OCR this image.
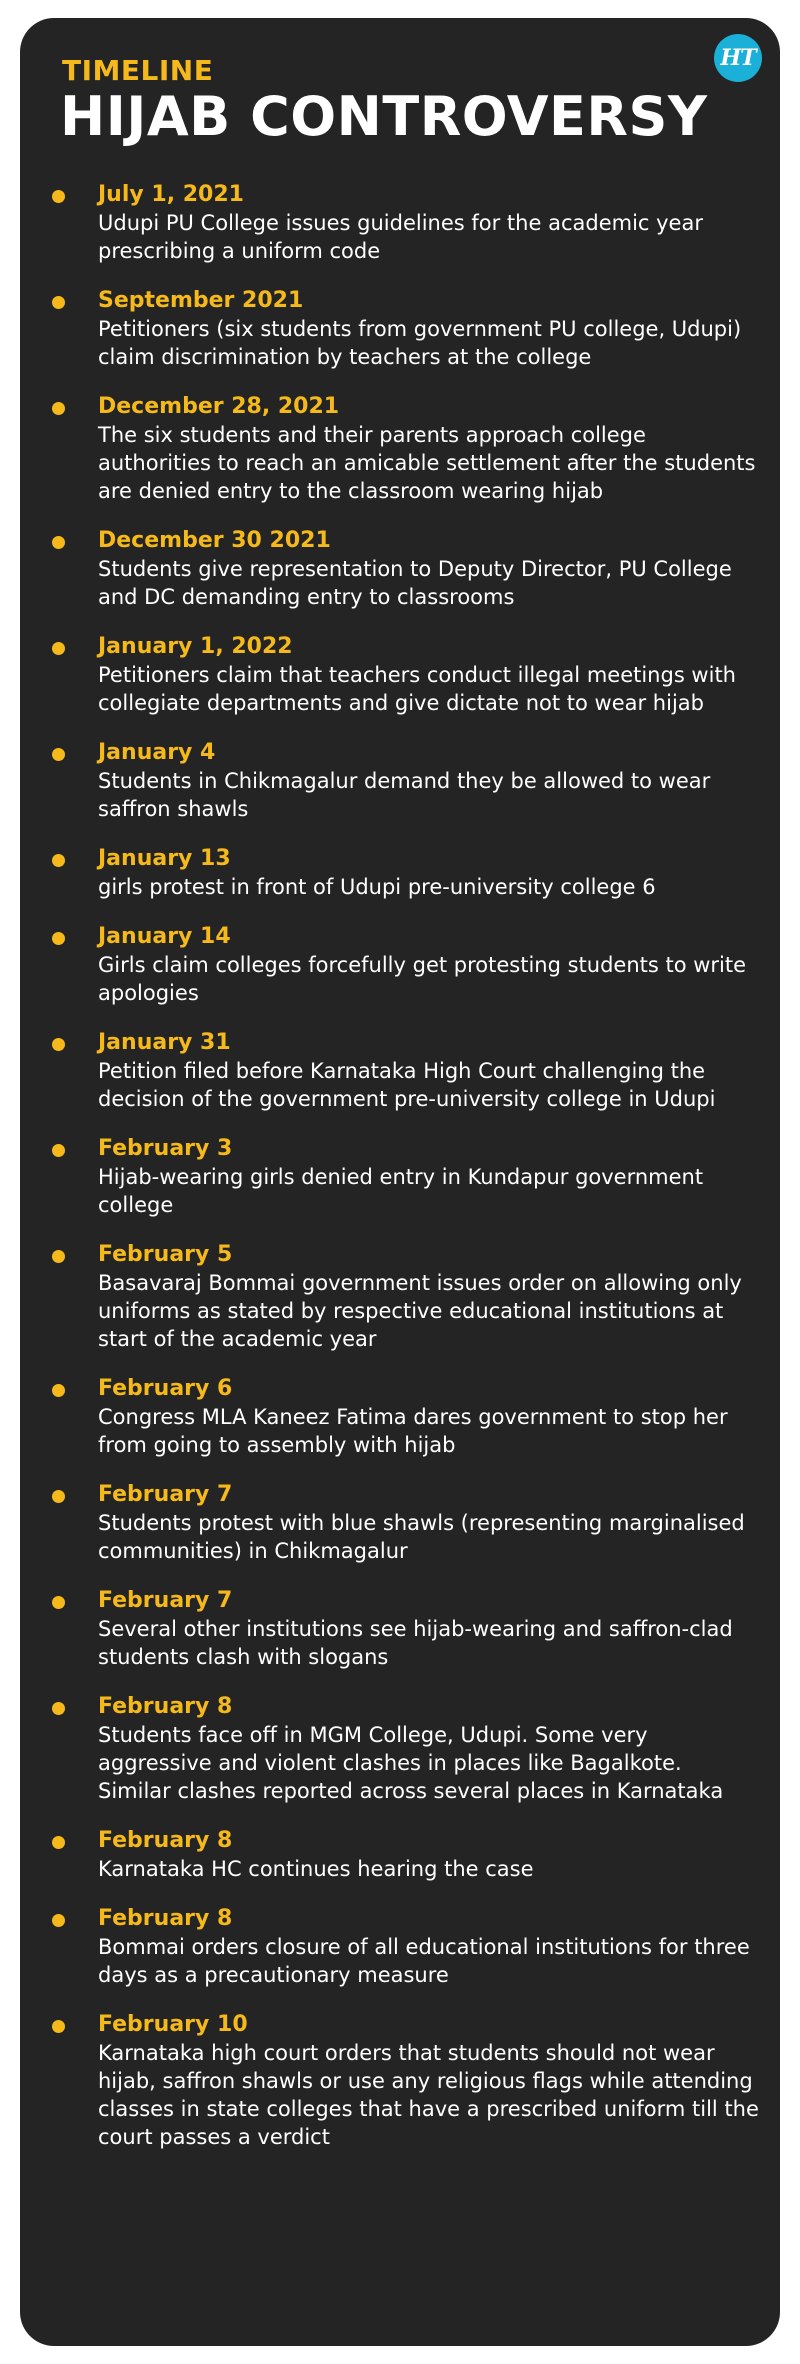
TIMELINE
HIJAB CONTROVERSY
HT
July 1, 2021
Udupi PU College issues guidelines for the academic year prescribing a uniform code
September 2021
Petitioners (six students from government PU college, Udupi) claim discrimination by teachers at the college
December 28, 2021
The six students and their parents approach college authorities to reach an amicable settlement after the students are denied entry to the classroom wearing hijab
December 30 2021
Students give representation to Deputy Director, PU College and DC demanding entry to classrooms
January 1, 2022
Petitioners claim that teachers conduct illegal meetings with collegiate departments and give dictate not to wear hijab
January 4
Students in Chikmagalur demand they be allowed to wear saffron shawls
January 13
girls protest in front of Udupi pre-university college 6
January 14
Girls claim colleges forcefully get protesting students to write apologies
January 31
Petition filed before Karnataka High Court challenging the decision of the government pre-university college in Udupi
February 3
Hijab-wearing girls denied entry in Kundapur government college
February 5
Basavaraj Bommai government issues order on allowing only uniforms as stated by respective educational institutions at start of the academic year
February 6
Congress MLA Kaneez Fatima dares government to stop her from going to assembly with hijab
February 7
Students protest with blue shawls (representing marginalised communities) in Chikmagalur
February 7
Several other institutions see hijab-wearing and saffron-clad students clash with slogans
February 8
Students face off in MGM College, Udupi. Some very aggressive and violent clashes in places like Bagalkote. Similar clashes reported across several places in Karnataka
February 8
Karnataka HC continues hearing the case
February 8
Bommai orders closure of all educational institutions for three days as a precautionary measure
February 10
Karnataka high court orders that students should not wear hijab, saffron shawls or use any religious flags while attending classes in state colleges that have a prescribed uniform till the court passes a verdict
